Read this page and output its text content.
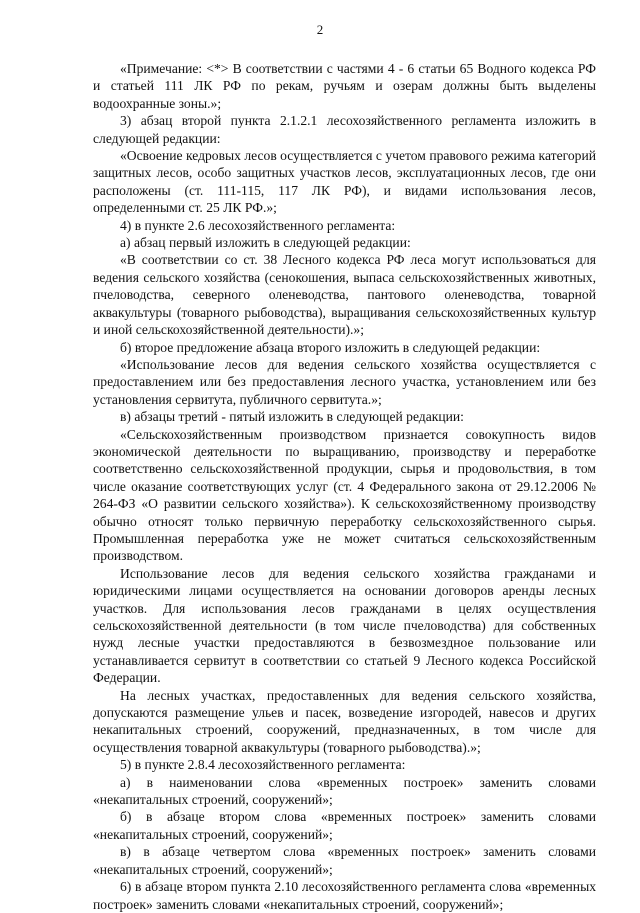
2

«Примечание: <*> В соответствии с частями 4 - 6 статьи 65 Водного кодекса РФ и статьей 111 ЛК РФ по рекам, ручьям и озерам должны быть выделены водоохранные зоны.»;

3) абзац второй пункта 2.1.2.1 лесохозяйственного регламента изложить в следующей редакции:

«Освоение кедровых лесов осуществляется с учетом правового режима категорий защитных лесов, особо защитных участков лесов, эксплуатационных лесов, где они расположены (ст. 111-115, 117 ЛК РФ), и видами использования лесов, определенными ст. 25 ЛК РФ.»;

4) в пункте 2.6 лесохозяйственного регламента:

а) абзац первый изложить в следующей редакции:

«В соответствии со ст. 38 Лесного кодекса РФ леса могут использоваться для ведения сельского хозяйства (сенокошения, выпаса сельскохозяйственных животных, пчеловодства, северного оленеводства, пантового оленеводства, товарной аквакультуры (товарного рыбоводства), выращивания сельскохозяйственных культур и иной сельскохозяйственной деятельности).»;

б) второе предложение абзаца второго изложить в следующей редакции:

«Использование лесов для ведения сельского хозяйства осуществляется с предоставлением или без предоставления лесного участка, установлением или без установления сервитута, публичного сервитута.»;

в) абзацы третий - пятый изложить в следующей редакции:

«Сельскохозяйственным производством признается совокупность видов экономической деятельности по выращиванию, производству и переработке соответственно сельскохозяйственной продукции, сырья и продовольствия, в том числе оказание соответствующих услуг (ст. 4 Федерального закона от 29.12.2006 № 264-ФЗ «О развитии сельского хозяйства»). К сельскохозяйственному производству обычно относят только первичную переработку сельскохозяйственного сырья. Промышленная переработка уже не может считаться сельскохозяйственным производством.

Использование лесов для ведения сельского хозяйства гражданами и юридическими лицами осуществляется на основании договоров аренды лесных участков. Для использования лесов гражданами в целях осуществления сельскохозяйственной деятельности (в том числе пчеловодства) для собственных нужд лесные участки предоставляются в безвозмездное пользование или устанавливается сервитут в соответствии со статьей 9 Лесного кодекса Российской Федерации.

На лесных участках, предоставленных для ведения сельского хозяйства, допускаются размещение ульев и пасек, возведение изгородей, навесов и других некапитальных строений, сооружений, предназначенных, в том числе для осуществления товарной аквакультуры (товарного рыбоводства).»;

5) в пункте 2.8.4 лесохозяйственного регламента:

а) в наименовании слова «временных построек» заменить словами «некапитальных строений, сооружений»;

б) в абзаце втором слова «временных построек» заменить словами «некапитальных строений, сооружений»;

в) в абзаце четвертом слова «временных построек» заменить словами «некапитальных строений, сооружений»;

6) в абзаце втором пункта 2.10 лесохозяйственного регламента слова «временных построек» заменить словами «некапитальных строений, сооружений»;
